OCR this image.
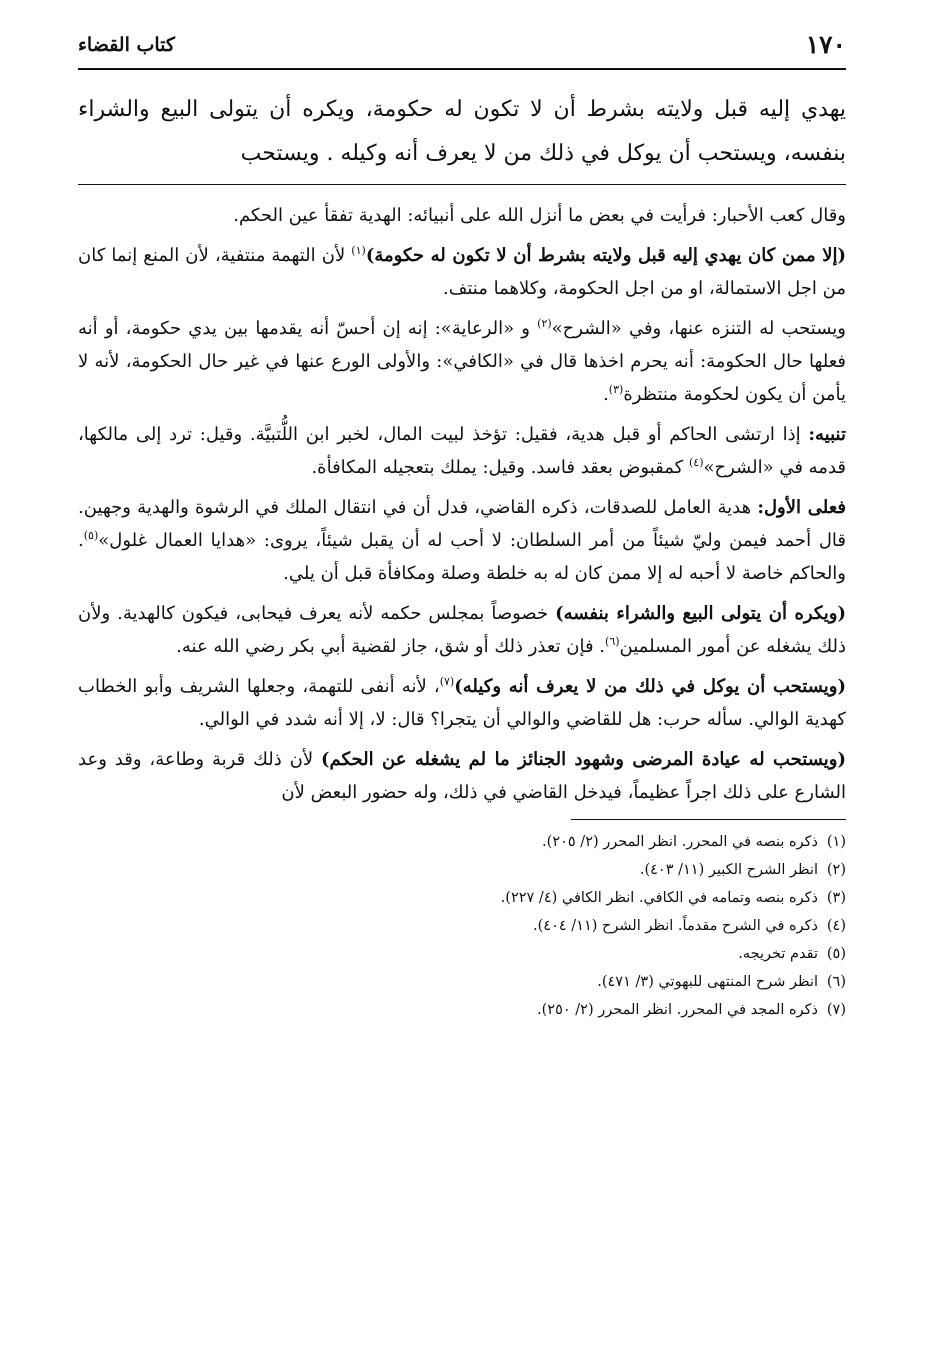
١٧٠
كتاب القضاء
يهدي إليه قبل ولايته بشرط أن لا تكون له حكومة، ويكره أن يتولى البيع والشراء بنفسه، ويستحب أن يوكل في ذلك من لا يعرف أنه وكيله . ويستحب

وقال كعب الأحبار: فرأيت في بعض ما أنزل الله على أنبيائه: الهدية تفقأ عين الحكم.

(إلا ممن كان يهدي إليه قبل ولايته بشرط أن لا تكون له حكومة)$^{(١)}$ لأن التهمة منتفية، لأن المنع إنما كان من اجل الاستمالة، او من اجل الحكومة، وكلاهما منتف.

ويستحب له التنزه عنها، وفي «الشرح»$^{(٢)}$ و «الرعاية»: إنه إن أحسّ أنه يقدمها بين يدي حكومة، أو أنه فعلها حال الحكومة: أنه يحرم اخذها قال في «الكافي»: والأولى الورع عنها في غير حال الحكومة، لأنه لا يأمن أن يكون لحكومة منتظرة$^{(٣)}$.

تنبيه: إذا ارتشى الحاكم أو قبل هدية، فقيل: تؤخذ لبيت المال، لخبر ابن اللُّتبيَّة. وقيل: ترد إلى مالكها، قدمه في «الشرح»$^{(٤)}$ كمقبوض بعقد فاسد. وقيل: يملك بتعجيله المكافأة.

فعلى الأول: هدية العامل للصدقات، ذكره القاضي، فدل أن في انتقال الملك في الرشوة والهدية وجهين. قال أحمد فيمن وليّ شيئاً من أمر السلطان: لا أحب له أن يقبل شيئاً، يروى: «هدايا العمال غلول»$^{(٥)}$. والحاكم خاصة لا أحبه له إلا ممن كان له به خلطة وصلة ومكافأة قبل أن يلي.

(ويكره أن يتولى البيع والشراء بنفسه) خصوصاً بمجلس حكمه لأنه يعرف فيحابى، فيكون كالهدية. ولأن ذلك يشغله عن أمور المسلمين$^{(٦)}$. فإن تعذر ذلك أو شق، جاز لقضية أبي بكر رضي الله عنه.

(ويستحب أن يوكل في ذلك من لا يعرف أنه وكيله)$^{(٧)}$، لأنه أنفى للتهمة، وجعلها الشريف وأبو الخطاب كهدية الوالي. سأله حرب: هل للقاضي والوالي أن يتجرا؟ قال: لا، إلا أنه شدد في الوالي.

(ويستحب له عيادة المرضى وشهود الجنائز ما لم يشغله عن الحكم) لأن ذلك قربة وطاعة، وقد وعد الشارع على ذلك اجراً عظيماً، فيدخل القاضي في ذلك، وله حضور البعض لأن

(١)ذكره بنصه في المحرر. انظر المحرر (٢/ ٢٠٥).
(٢)انظر الشرح الكبير (١١/ ٤٠٣).
(٣)ذكره بنصه وتمامه في الكافي. انظر الكافي (٤/ ٢٢٧).
(٤)ذكره في الشرح مقدماً. انظر الشرح (١١/ ٤٠٤).
(٥)تقدم تخريجه.
(٦)انظر شرح المنتهى للبهوتي (٣/ ٤٧١).
(٧)ذكره المجد في المحرر. انظر المحرر (٢/ ٢٥٠).
